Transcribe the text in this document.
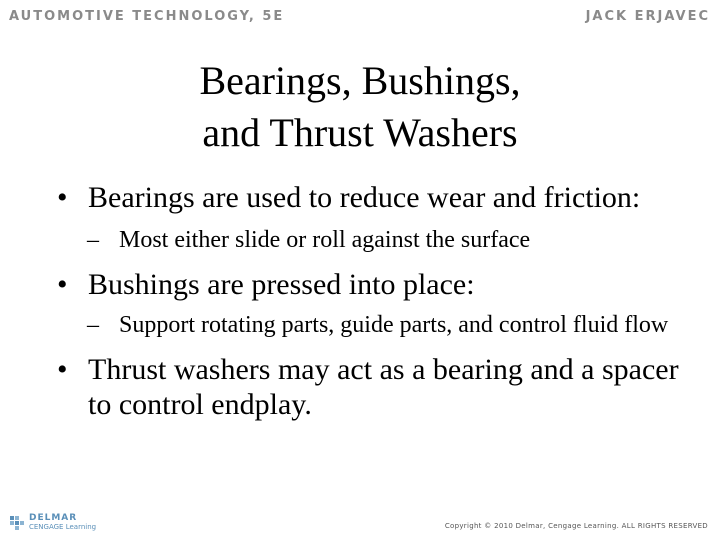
AUTOMOTIVE TECHNOLOGY, 5E	JACK ERJAVEC
Bearings, Bushings,
and Thrust Washers
• Bearings are used to reduce wear and friction:
– Most either slide or roll against the surface
• Bushings are pressed into place:
– Support rotating parts, guide parts, and control fluid flow
• Thrust washers may act as a bearing and a spacer to control endplay.
DELMAR
CENGAGE Learning	Copyright © 2010 Delmar, Cengage Learning. ALL RIGHTS RESERVED
